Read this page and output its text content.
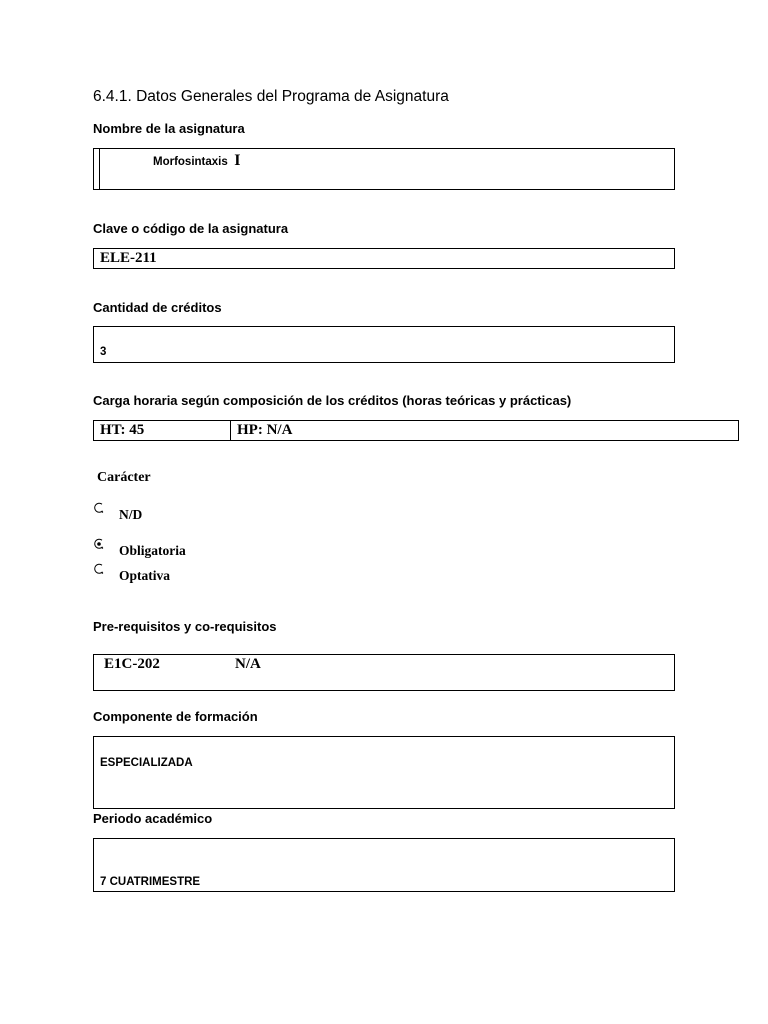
6.4.1. Datos Generales del Programa de Asignatura
Nombre de la asignatura
Morfosintaxis I
Clave o código de la asignatura
ELE-211
Cantidad de créditos
3
Carga horaria según composición de los créditos (horas teóricas y prácticas)
HT: 45	HP: N/A
Carácter
N/D
Obligatoria
Optativa
Pre-requisitos y co-requisitos
E1C-202	N/A
Componente de formación
ESPECIALIZADA
Periodo académico
7 CUATRIMESTRE
